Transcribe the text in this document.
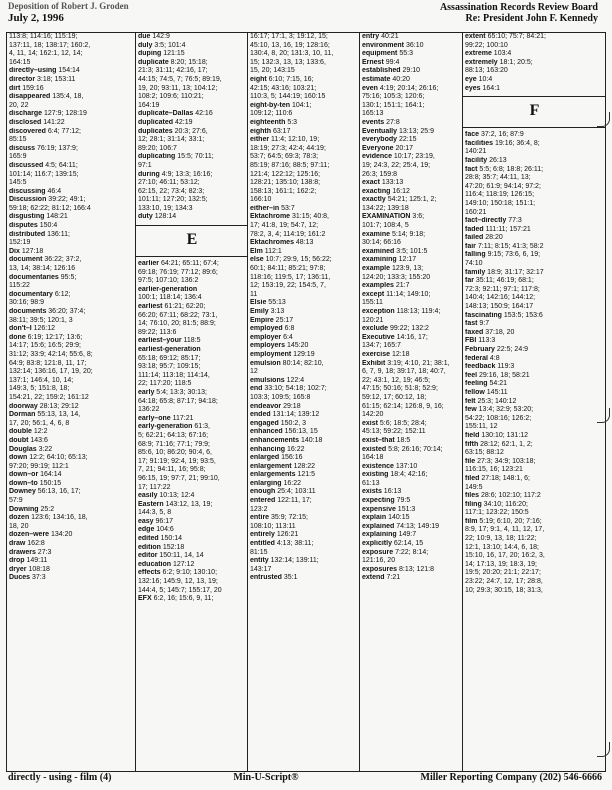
Deposition of Robert J. Groden
July 2, 1996
Assassination Records Review Board
Re: President John F. Kennedy
113:8; 114:16; 115:19;
137:11, 18; 138:17; 160:2,
4, 11, 14; 162:1, 12, 14;
164:15
directly–using 154:14
director 3:18; 153:11
dirt 159:16
disappeared 135:4, 18,
20, 22
discharge 127:9; 128:19
disclosed 141:22
discovered 6:4; 77:12;
85:15
discuss 76:19; 137:9;
165:9
discussed 4:5; 64:11;
101:14; 116:7; 139:15;
145:5
discussing 46:4
Discussion 39:22; 49:1;
59:18; 62:22; 81:12; 166:4
disgusting 148:21
disputes 150:4
distributed 136:11;
152:19
Dix 127:18
document 36:22; 37:2,
13, 14; 38:14; 126:16
documentaries 95:5;
115:22
documentary 6:12;
30:16; 98:9
documents 36:20; 37:4;
38:11; 39:5; 120:1, 3
don't–I 126:12
done 6:19; 12:17; 13:6;
14:17; 15:6; 16:5; 29:9;
31:12; 33:9; 42:14; 55:6, 8;
64:9; 83:8; 121:8, 11, 17;
132:14; 136:16, 17, 19, 20;
137:1; 146:4, 10, 14;
149:3, 5; 151:8, 18;
154:21, 22; 159:2; 161:12
doorway 28:13; 29:12
Dorman 55:13, 13, 14,
17, 20; 56:1, 4, 6, 8
double 12:2
doubt 143:6
Douglas 3:22
down 12:2; 64:10; 65:13;
97:20; 99:19; 112:1
down–or 164:14
down–to 150:15
Downey 56:13, 16, 17;
57:9
Downing 25:2
dozen 123:6; 134:16, 18,
18, 20
dozen–were 134:20
draw 162:8
drawers 27:3
drop 149:11
dryer 108:18
Duces 37:3
due 142:9
duly 3:5; 101:4
duping 121:15
duplicate 8:20; 15:18;
21:3; 31:11; 42:16, 17;
44:15; 74:5, 7; 76:5; 89:19,
19, 20; 93:11, 13; 104:12;
108:2; 109:6; 110:21;
164:19
duplicate–Dallas 42:16
duplicated 42:19
duplicates 20:3; 27:6,
12; 28:1; 31:14; 33:1;
89:20; 106:7
duplicating 15:5; 70:11;
97:1
during 4:9; 13:3; 16:16;
27:10; 46:11; 53:12;
62:15, 22; 73:4; 82:3;
101:11; 127:20; 132:5;
133:10, 19; 134:3
duty 128:14
E
earlier 64:21; 65:11; 67:4;
69:18; 76:19; 77:12; 89:6;
97:5; 107:10; 136:2
earlier-generation
100:1; 118:14; 136:4
earliest 61:21; 62:20;
66:20; 67:11; 68:22; 73:1,
14; 76:10, 20; 81:5; 88:9;
89:22; 113:6
earliest–your 118:5
earliest-generation
65:18; 69:12; 85:17;
93:18; 95:7; 109:15;
111:14; 113:18; 114:14,
22; 117:20; 118:5
early 5:4; 13:3; 30:13;
64:18; 65:8; 87:17; 94:18;
136:22
early–one 117:21
early-generation 61:3,
5; 62:21; 64:13; 67:16;
68:9; 71:16; 77:1; 79:9;
85:6, 10; 86:20; 90:4, 6,
17; 91:19; 92:4, 19; 93:5,
7, 21; 94:11, 16; 95:8;
96:15, 19; 97:7, 21; 99:10,
17; 117:22
easily 10:13; 12:4
Eastern 143:12, 13, 19;
144:3, 5, 8
easy 96:17
edge 104:6
edited 150:14
edition 152:18
editor 150:11, 14, 14
education 127:12
effects 6:2; 9:10; 130:10;
132:16; 145:9, 12, 13, 19;
144:4, 5; 145:7; 155:17, 20
EFX 6:2, 16; 15:6, 9, 11;
16:17; 17:1, 3; 19:12, 15;
45:10, 13, 16, 19; 128:16;
130:4, 8, 20; 131:3, 10, 11,
15; 132:3, 13, 13; 133:6,
15, 20; 143:15
eight 6:10; 7:15, 16;
42:15; 43:16; 103:21;
110:3, 5; 144:19; 160:15
eight-by-ten 104:1;
109:12; 110:6
eighteenth 5:3
eighth 63:17
either 11:4; 12:10, 19;
18:19; 27:3; 42:4; 44:19;
53:7; 64:5; 69:3; 78:3;
85:19; 87:16; 88:5; 97:11;
121:4; 122:12; 125:16;
128:21; 135:10; 138:8;
158:13; 161:1; 162:2;
166:10
either–in 53:7
Ektachrome 31:15; 40:8,
17; 41:8, 19; 54:7, 12;
78:2, 3, 4; 114:19; 161:2
Ektachromes 48:13
Elm 112:1
else 10:7; 29:9, 15; 56:22;
60:1; 84:11; 85:21; 97:8;
118:16; 119:5, 17; 136:11,
12; 153:19, 22; 154:5, 7,
11
Elsie 55:13
Emily 3:13
Empire 25:17
employed 6:8
employer 6:4
employers 145:20
employment 129:19
emulsion 80:14; 82:10,
12
emulsions 122:4
end 33:10; 54:18; 102:7;
103:3; 109:5; 165:8
endeavor 29:18
ended 131:14; 139:12
engaged 150:2, 3
enhanced 156:13, 15
enhancements 140:18
enhancing 16:22
enlarged 156:16
enlargement 128:22
enlargements 121:5
enlarging 16:22
enough 25:4; 103:11
entered 122:11, 17;
123:2
entire 35:9; 72:15;
108:10; 113:11
entirely 126:21
entitled 4:13; 38:11;
81:15
entity 132:14; 139:11;
143:17
entrusted 35:1
entry 40:21
environment 36:10
equipment 55:3
Ernest 99:4
established 29:10
estimate 40:20
even 4:19; 20:14; 26:16;
75:16; 105:3; 120:6;
130:1; 151:1; 164:1;
165:13
events 27:8
Eventually 13:13; 25:9
everybody 22:15
Everyone 20:17
evidence 10:17; 23:19,
19; 24:3, 22; 25:4, 19;
26:3; 159:8
exact 133:13
exacting 16:12
exactly 54:21; 125:1, 2;
134:22; 139:18
EXAMINATION 3:6;
101:7; 108:4, 5
examine 5:14; 9:18;
30:14; 66:16
examined 3:5; 101:5
examining 12:17
example 123:9, 13;
124:20; 133:3; 155:20
examples 21:7
except 11:14; 149:10;
155:11
exception 118:13; 119:4;
120:21
exclude 99:22; 132:2
Executive 14:16, 17;
134:7; 165:7
exercise 12:18
Exhibit 3:19; 4:10, 21; 38:1,
6, 7, 9, 18; 39:17, 18; 40:7,
22; 43:1, 12, 19; 46:5;
47:15; 50:16; 51:8; 52:9;
59:12, 17; 60:12, 18;
61:15; 62:14; 126:8, 9, 16;
142:20
exist 5:6; 18:5; 28:4;
45:13; 59:22; 152:11
exist–that 18:5
existed 5:8; 26:16; 70:14;
164:18
existence 137:10
existing 18:4; 42:16;
61:13
exists 16:13
expecting 79:5
expensive 151:3
explain 140:15
explained 74:13; 149:19
explaining 149:7
explicitly 62:14, 15
exposure 7:22; 8:14;
121:16, 20
exposures 8:13; 121:8
extend 7:21
extent 65:10; 75:7; 84:21;
99:22; 100:10
extreme 103:4
extremely 18:1; 20:5;
88:13; 163:20
eye 10:4
eyes 164:1
F
face 37:2, 16; 87:9
facilities 19:16; 36:4, 8;
140:21
facility 26:13
fact 5:5; 6:8; 18:8; 26:11;
28:8; 35:7; 44:11, 13;
47:20; 61:9; 94:14; 97:2;
116:4; 118:19; 126:15;
149:10; 150:18; 151:1;
160:21
fact–directly 77:3
faded 111:11; 157:21
failed 28:20
fair 7:11; 8:15; 41:3; 58:2
falling 9:15; 73:6, 6, 19;
74:10
family 18:9; 31:17; 32:17
far 35:11; 46:19; 68:1;
72:3; 92:11; 97:1; 117:8;
140:4; 142:16; 144:12;
148:13; 150:9; 164:17
fascinating 153:5; 153:6
fast 9:7
faxed 37:18, 20
FBI 113:3
February 22:5; 24:9
federal 4:8
feedback 119:3
feel 29:16, 18; 58:21
feeling 54:21
fellow 145:11
felt 25:3; 140:12
few 13:4; 32:9; 53:20;
54:22; 108:16; 126:2;
155:11, 12
field 130:10; 131:12
fifth 28:12; 62:1, 1, 2;
63:15; 88:12
file 27:3; 34:9; 103:18;
116:15, 16; 123:21
filed 27:18; 148:1, 6;
149:5
files 28:6; 102:10; 117:2
filing 34:10; 116:20;
117:1; 123:22; 150:5
film 5:19; 6:10, 20; 7:16;
8:9, 17; 9:1, 4, 11, 12, 17,
22; 10:9, 13, 18; 11:22;
12:1, 13:10; 14:4, 6, 18;
15:10, 16, 17, 20; 16:2, 3,
14; 17:13, 19; 18:3, 19;
19:5; 20:20; 21:1; 22:17;
23:22; 24:7, 12, 17; 28:8,
10; 29:3; 30:15, 18; 31:3,
directly - using - film (4)	Min-U-Script®	Miller Reporting Company (202) 546-6666
